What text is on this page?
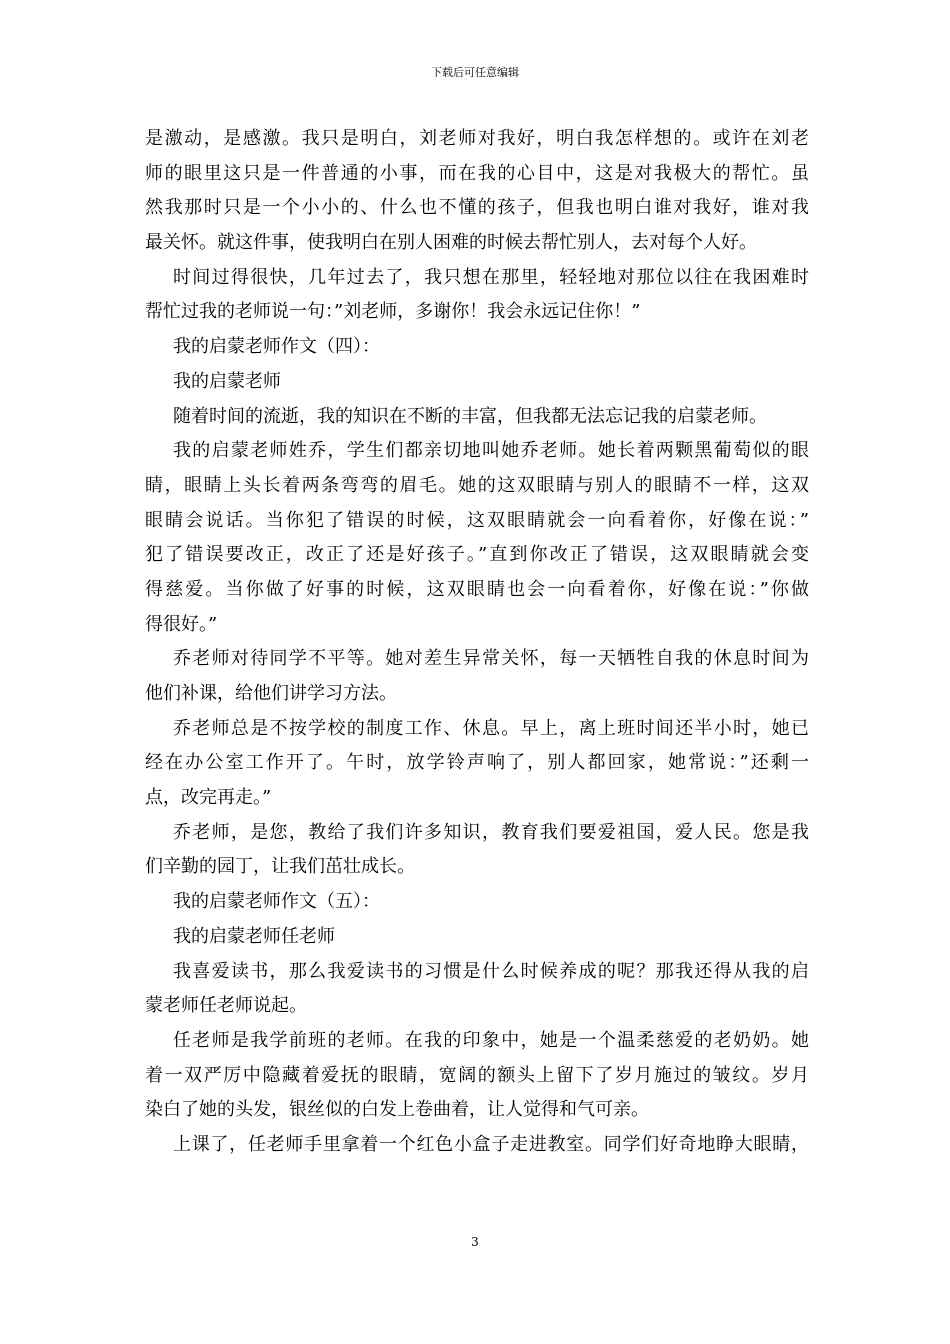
下载后可任意编辑
是激动，是感激。我只是明白，刘老师对我好，明白我怎样想的。或许在刘老
师的眼里这只是一件普通的小事，而在我的心目中，这是对我极大的帮忙。虽
然我那时只是一个小小的、什么也不懂的孩子，但我也明白谁对我好，谁对我
最关怀。就这件事，使我明白在别人困难的时候去帮忙别人，去对每个人好。
时间过得很快，几年过去了，我只想在那里，轻轻地对那位以往在我困难时
帮忙过我的老师说一句：”刘老师，多谢你！我会永远记住你！”
我的启蒙老师作文（四）：
我的启蒙老师
随着时间的流逝，我的知识在不断的丰富，但我都无法忘记我的启蒙老师。
我的启蒙老师姓乔，学生们都亲切地叫她乔老师。她长着两颗黑葡萄似的眼
睛，眼睛上头长着两条弯弯的眉毛。她的这双眼睛与别人的眼睛不一样，这双
眼睛会说话。当你犯了错误的时候，这双眼睛就会一向看着你，好像在说：”
犯了错误要改正，改正了还是好孩子。”直到你改正了错误，这双眼睛就会变
得慈爱。当你做了好事的时候，这双眼睛也会一向看着你，好像在说：”你做
得很好。”
乔老师对待同学不平等。她对差生异常关怀，每一天牺牲自我的休息时间为
他们补课，给他们讲学习方法。
乔老师总是不按学校的制度工作、休息。早上，离上班时间还半小时，她已
经在办公室工作开了。午时，放学铃声响了，别人都回家，她常说：”还剩一
点，改完再走。”
乔老师，是您，教给了我们许多知识，教育我们要爱祖国，爱人民。您是我
们辛勤的园丁，让我们茁壮成长。
我的启蒙老师作文（五）：
我的启蒙老师任老师
我喜爱读书，那么我爱读书的习惯是什么时候养成的呢？那我还得从我的启
蒙老师任老师说起。
任老师是我学前班的老师。在我的印象中，她是一个温柔慈爱的老奶奶。她
着一双严厉中隐藏着爱抚的眼睛，宽阔的额头上留下了岁月施过的皱纹。岁月
染白了她的头发，银丝似的白发上卷曲着，让人觉得和气可亲。
上课了，任老师手里拿着一个红色小盒子走进教室。同学们好奇地睁大眼睛，
3
